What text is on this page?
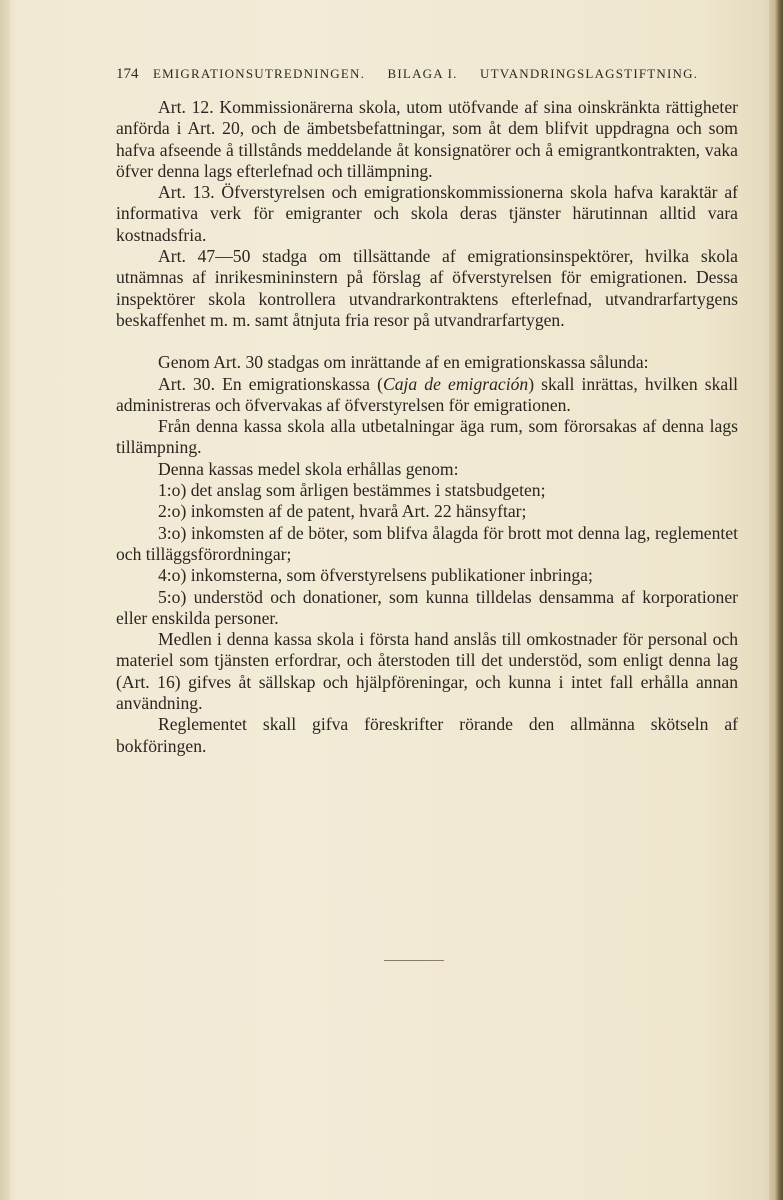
174 EMIGRATIONSUTREDNINGEN. BILAGA I. UTVANDRINGSLAGSTIFTNING.

Art. 12. Kommissionärerna skola, utom utöfvande af sina oinskränkta rättigheter anförda i Art. 20, och de ämbetsbefattningar, som åt dem blifvit uppdragna och som hafva afseende å tillstånds meddelande åt konsignatörer och å emigrantkontrakten, vaka öfver denna lags efterlefnad och tillämpning.

Art. 13. Öfverstyrelsen och emigrationskommissionerna skola hafva karaktär af informativa verk för emigranter och skola deras tjänster härutinnan alltid vara kostnadsfria.

Art. 47—50 stadga om tillsättande af emigrationsinspektörer, hvilka skola utnämnas af inrikesmininstern på förslag af öfverstyrelsen för emigrationen. Dessa inspektörer skola kontrollera utvandrarkontraktens efterlefnad, utvandrarfartygens beskaffenhet m. m. samt åtnjuta fria resor på utvandrarfartygen.

Genom Art. 30 stadgas om inrättande af en emigrationskassa sålunda:

Art. 30. En emigrationskassa (Caja de emigración) skall inrättas, hvilken skall administreras och öfvervakas af öfverstyrelsen för emigrationen.

Från denna kassa skola alla utbetalningar äga rum, som förorsakas af denna lags tillämpning.

Denna kassas medel skola erhållas genom:

1:o) det anslag som årligen bestämmes i statsbudgeten;

2:o) inkomsten af de patent, hvarå Art. 22 hänsyftar;

3:o) inkomsten af de böter, som blifva ålagda för brott mot denna lag, reglementet och tilläggsförordningar;

4:o) inkomsterna, som öfverstyrelsens publikationer inbringa;

5:o) understöd och donationer, som kunna tilldelas densamma af korporationer eller enskilda personer.

Medlen i denna kassa skola i första hand anslås till omkostnader för personal och materiel som tjänsten erfordrar, och återstoden till det understöd, som enligt denna lag (Art. 16) gifves åt sällskap och hjälpföreningar, och kunna i intet fall erhålla annan användning.

Reglementet skall gifva föreskrifter rörande den allmänna skötseln af bokföringen.
